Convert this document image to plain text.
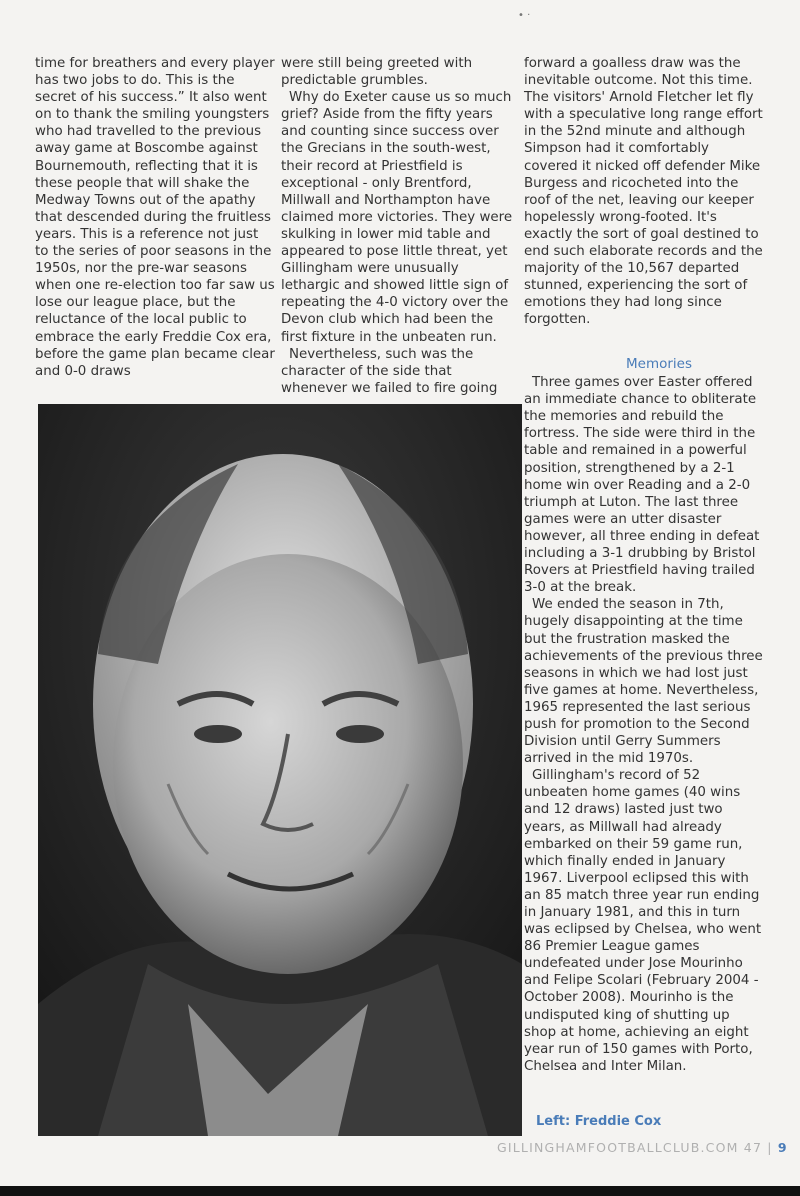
• ·

time for breathers and every player has two jobs to do. This is the secret of his success.” It also went on to thank the smiling youngsters who had travelled to the previous away game at Boscombe against Bournemouth, reflecting that it is these people that will shake the Medway Towns out of the apathy that descended during the fruitless years. This is a reference not just to the series of poor seasons in the 1950s, nor the pre-war seasons when one re-election too far saw us lose our league place, but the reluctance of the local public to embrace the early Freddie Cox era, before the game plan became clear and 0-0 draws

were still being greeted with predictable grumbles.

Why do Exeter cause us so much grief? Aside from the fifty years and counting since success over the Grecians in the south-west, their record at Priestfield is exceptional - only Brentford, Millwall and Northampton have claimed more victories. They were skulking in lower mid table and appeared to pose little threat, yet Gillingham were unusually lethargic and showed little sign of repeating the 4-0 victory over the Devon club which had been the first fixture in the unbeaten run.

Nevertheless, such was the character of the side that whenever we failed to fire going

forward a goalless draw was the inevitable outcome. Not this time. The visitors' Arnold Fletcher let fly with a speculative long range effort in the 52nd minute and although Simpson had it comfortably covered it nicked off defender Mike Burgess and ricocheted into the roof of the net, leaving our keeper hopelessly wrong-footed. It's exactly the sort of goal destined to end such elaborate records and the majority of the 10,567 departed stunned, experiencing the sort of emotions they had long since forgotten.

Memories

Three games over Easter offered an immediate chance to obliterate the memories and rebuild the fortress. The side were third in the table and remained in a powerful position, strengthened by a 2-1 home win over Reading and a 2-0 triumph at Luton. The last three games were an utter disaster however, all three ending in defeat including a 3-1 drubbing by Bristol Rovers at Priestfield having trailed 3-0 at the break.

We ended the season in 7th, hugely disappointing at the time but the frustration masked the achievements of the previous three seasons in which we had lost just five games at home. Nevertheless, 1965 represented the last serious push for promotion to the Second Division until Gerry Summers arrived in the mid 1970s.

Gillingham's record of 52 unbeaten home games (40 wins and 12 draws) lasted just two years, as Millwall had already embarked on their 59 game run, which finally ended in January 1967. Liverpool eclipsed this with an 85 match three year run ending in January 1981, and this in turn was eclipsed by Chelsea, who went 86 Premier League games undefeated under Jose Mourinho and Felipe Scolari (February 2004 - October 2008). Mourinho is the undisputed king of shutting up shop at home, achieving an eight year run of 150 games with Porto, Chelsea and Inter Milan.

Left: Freddie Cox
GILLINGHAMFOOTBALLCLUB.COM 47 | 9
